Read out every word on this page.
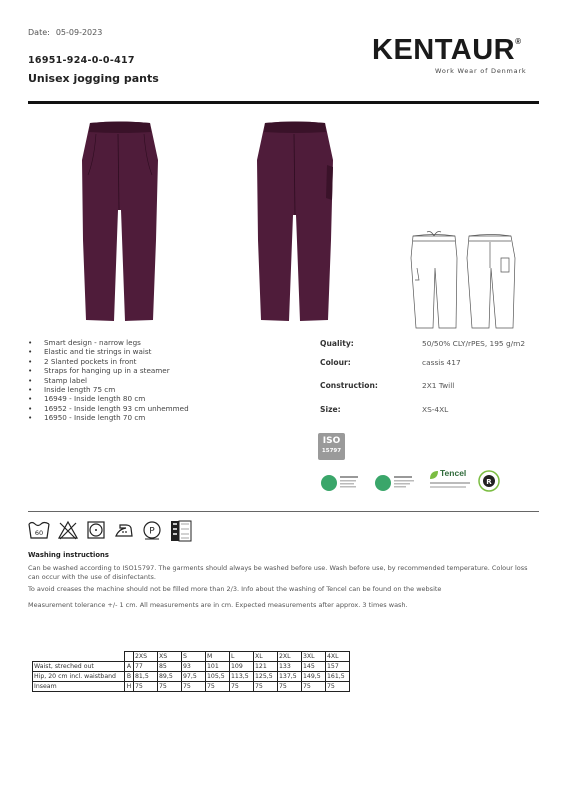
Date: 05-09-2023
16951-924-0-0-417
Unisex jogging pants
KENTAUR®
Work Wear of Denmark
• Smart design - narrow legs
• Elastic and tie strings in waist
• 2 Slanted pockets in front
• Straps for hanging up in a steamer
• Stamp label
• Inside length 75 cm
• 16949 - Inside length 80 cm
• 16952 - Inside length 93 cm unhemmed
• 16950 - Inside length 70 cm
Quality:	50/50% CLY/rPES, 195 g/m2
Colour:	cassis 417
Construction:	2X1 Twill
Size:	XS-4XL
ISO
15797
Tencel
R
60
	P

Washing instructions
Can be washed according to ISO15797. The garments should always be washed before use. Wash before use, by recommended temperature. Colour loss can occur with the use of disinfectants.
To avoid creases the machine should not be filled more than 2/3. Info about the washing of Tencel can be found on the website
Measurement tolerance +/- 1 cm. All measurements are in cm. Expected measurements after approx. 3 times wash.
		2XS	XS	S	M	L	XL	2XL	3XL	4XL
Waist, streched out	A	77	85	93	101	109	121	133	145	157
Hip, 20 cm incl. waistband	B	81,5	89,5	97,5	105,5	113,5	125,5	137,5	149,5	161,5
Inseam	H	75	75	75	75	75	75	75	75	75
